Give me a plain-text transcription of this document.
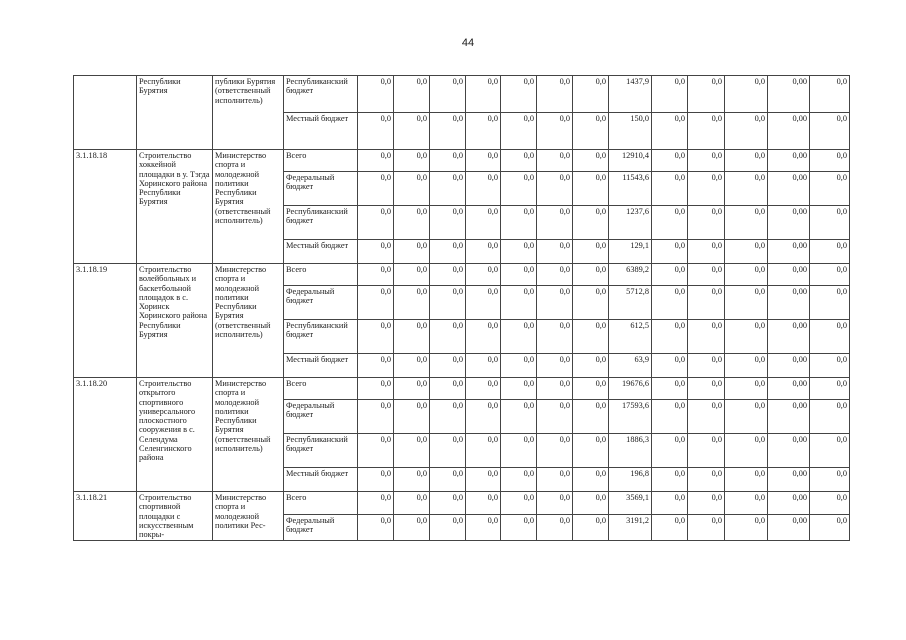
44
	Республики Бурятия	публики Бурятия (ответственный исполнитель)	Республиканский бюджет	0,0	0,0	0,0	0,0	0,0	0,0	0,0	1437,9	0,0	0,0	0,0	0,00	0,0
			Местный бюджет	0,0	0,0	0,0	0,0	0,0	0,0	0,0	150,0	0,0	0,0	0,0	0,00	0,0
3.1.18.18	Строительство хоккейной площадки в у. Тэгда Хоринского района Республики Бурятия	Министерство спорта и молодежной политики Республики Бурятия (ответственный исполнитель)	Всего	0,0	0,0	0,0	0,0	0,0	0,0	0,0	12910,4	0,0	0,0	0,0	0,00	0,0
			Федеральный бюджет	0,0	0,0	0,0	0,0	0,0	0,0	0,0	11543,6	0,0	0,0	0,0	0,00	0,0
			Республиканский бюджет	0,0	0,0	0,0	0,0	0,0	0,0	0,0	1237,6	0,0	0,0	0,0	0,00	0,0
			Местный бюджет	0,0	0,0	0,0	0,0	0,0	0,0	0,0	129,1	0,0	0,0	0,0	0,00	0,0
3.1.18.19	Строительство волейбольных и баскетбольной площадок в с. Хоринск Хоринского района Республики Бурятия	Министерство спорта и молодежной политики Республики Бурятия (ответственный исполнитель)	Всего	0,0	0,0	0,0	0,0	0,0	0,0	0,0	6389,2	0,0	0,0	0,0	0,00	0,0
			Федеральный бюджет	0,0	0,0	0,0	0,0	0,0	0,0	0,0	5712,8	0,0	0,0	0,0	0,00	0,0
			Республиканский бюджет	0,0	0,0	0,0	0,0	0,0	0,0	0,0	612,5	0,0	0,0	0,0	0,00	0,0
			Местный бюджет	0,0	0,0	0,0	0,0	0,0	0,0	0,0	63,9	0,0	0,0	0,0	0,00	0,0
3.1.18.20	Строительство открытого спортивного универсального плоскостного сооружения в с. Селендума Селенгинского района	Министерство спорта и молодежной политики Республики Бурятия (ответственный исполнитель)	Всего	0,0	0,0	0,0	0,0	0,0	0,0	0,0	19676,6	0,0	0,0	0,0	0,00	0,0
			Федеральный бюджет	0,0	0,0	0,0	0,0	0,0	0,0	0,0	17593,6	0,0	0,0	0,0	0,00	0,0
			Республиканский бюджет	0,0	0,0	0,0	0,0	0,0	0,0	0,0	1886,3	0,0	0,0	0,0	0,00	0,0
			Местный бюджет	0,0	0,0	0,0	0,0	0,0	0,0	0,0	196,8	0,0	0,0	0,0	0,00	0,0
3.1.18.21	Строительство спортивной площадки с искусственным покры-	Министерство спорта и молодежной политики Рес-	Всего	0,0	0,0	0,0	0,0	0,0	0,0	0,0	3569,1	0,0	0,0	0,0	0,00	0,0
			Федеральный бюджет	0,0	0,0	0,0	0,0	0,0	0,0	0,0	3191,2	0,0	0,0	0,0	0,00	0,0
